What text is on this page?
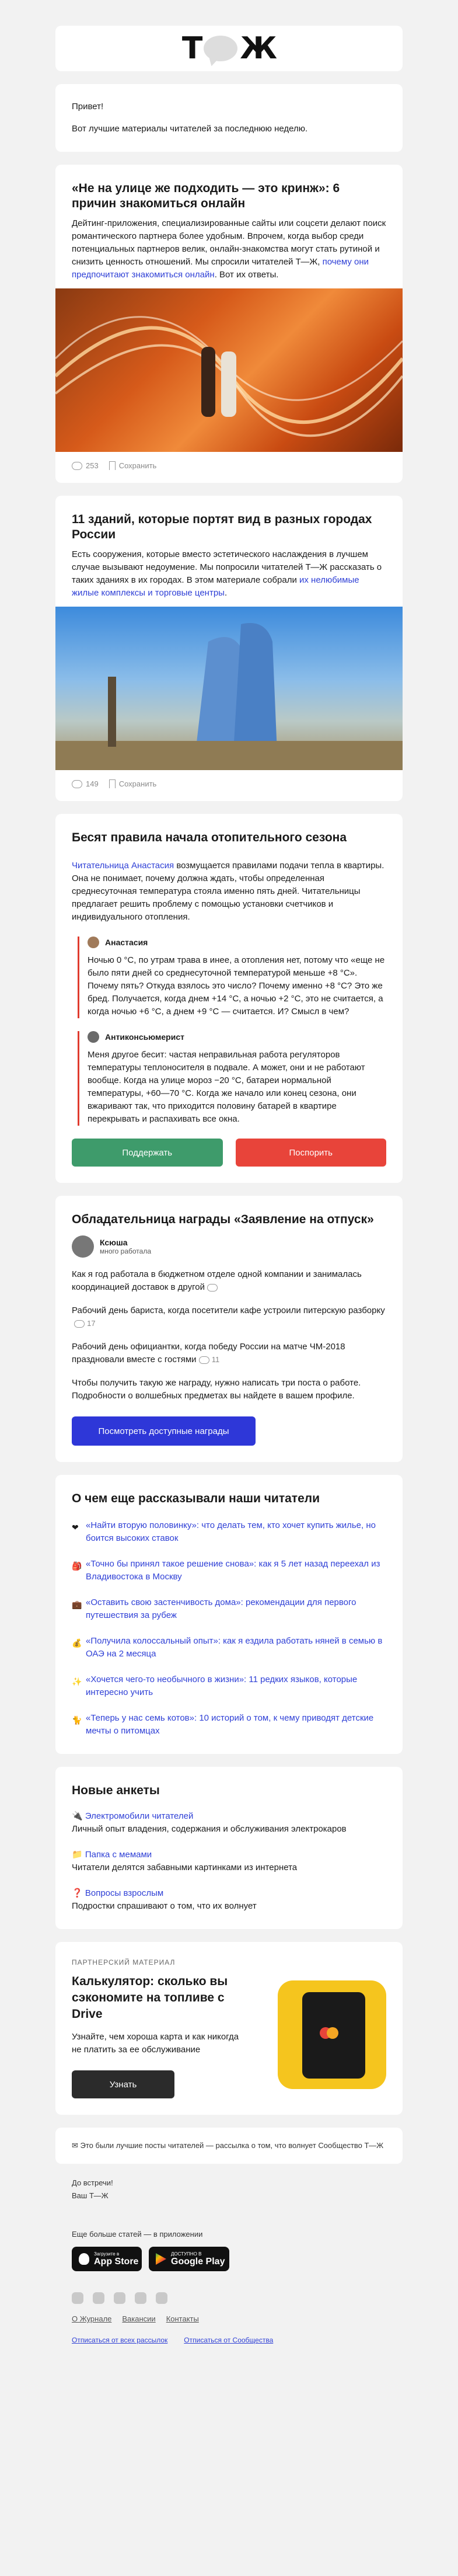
Т Ж

Привет!

Вот лучшие материалы читателей за последнюю неделю.

«Не на улице же подходить — это кринж»: 6 причин знакомиться онлайн

Дейтинг-приложения, специализированные сайты или соцсети делают поиск романтического партнера более удобным. Впрочем, когда выбор среди потенциальных партнеров велик, онлайн-знакомства могут стать рутиной и снизить ценность отношений. Мы спросили читателей Т—Ж, почему они предпочитают знакомиться онлайн. Вот их ответы.

253	Сохранить
11 зданий, которые портят вид в разных городах России

Есть сооружения, которые вместо эстетического наслаждения в лучшем случае вызывают недоумение. Мы попросили читателей Т—Ж рассказать о таких зданиях в их городах. В этом материале собрали их нелюбимые жилые комплексы и торговые центры.

149	Сохранить
Бесят правила начала отопительного сезона

Читательница Анастасия возмущается правилами подачи тепла в квартиры. Она не понимает, почему должна ждать, чтобы определенная среднесуточная температура стояла именно пять дней. Читательницы предлагает решить проблему с помощью установки счетчиков и индивидуального отопления.

Анастасия

Ночью 0 °C, по утрам трава в инее, а отопления нет, потому что «еще не было пяти дней со среднесуточной температурой меньше +8 °C». Почему пять? Откуда взялось это число? Почему именно +8 °C? Это же бред. Получается, когда днем +14 °C, а ночью +2 °C, это не считается, а когда ночью +6 °C, а днем +9 °C — считается. И? Смысл в чем?

Антиконсьюмерист

Меня другое бесит: частая неправильная работа регуляторов температуры теплоносителя в подвале. А может, они и не работают вообще. Когда на улице мороз −20 °C, батареи нормальной температуры, +60—70 °C. Когда же начало или конец сезона, они вжаривают так, что приходится половину батарей в квартире перекрывать и распахивать все окна.

Поддержать	Поспорить
Обладательница награды «Заявление на отпуск»
Ксюша
много работала

Как я год работала в бюджетном отделе одной компании и занималась координацией доставок в другой

Рабочий день бариста, когда посетители кафе устроили питерскую разборку 17

Рабочий день официантки, когда победу России на матче ЧМ-2018 праздновали вместе с гостями 11

Чтобы получить такую же награду, нужно написать три поста о работе. Подробности о волшебных предметах вы найдете в вашем профиле.

Посмотреть доступные награды
О чем еще рассказывали наши читатели
❤ «Найти вторую половинку»: что делать тем, кто хочет купить жилье, но боится высоких ставок
🎒 «Точно бы принял такое решение снова»: как я 5 лет назад переехал из Владивостока в Москву
💼 «Оставить свою застенчивость дома»: рекомендации для первого путешествия за рубеж
💰 «Получила колоссальный опыт»: как я ездила работать няней в семью в ОАЭ на 2 месяца
✨ «Хочется чего-то необычного в жизни»: 11 редких языков, которые интересно учить
🐈 «Теперь у нас семь котов»: 10 историй о том, к чему приводят детские мечты о питомцах
Новые анкеты
🔌 Электромобили читателей
Личный опыт владения, содержания и обслуживания электрокаров
📁 Папка с мемами
Читатели делятся забавными картинками из интернета
❓ Вопросы взрослым
Подростки спрашивают о том, что их волнует
ПАРТНЕРСКИЙ МАТЕРИАЛ
Калькулятор: сколько вы сэкономите на топливе с Drive
Узнайте, чем хороша карта и как никогда не платить за ее обслуживание
Узнать

✉ Это были лучшие посты читателей — рассылка о том, что волнует Сообщество Т—Ж

До встречи!

Ваш Т—Ж

Еще больше статей — в приложении

Загрузите в
App Store
ДОСТУПНО В
Google Play
О Журнале Вакансии Контакты
Отписаться от всех рассылок Отписаться от Сообщества
